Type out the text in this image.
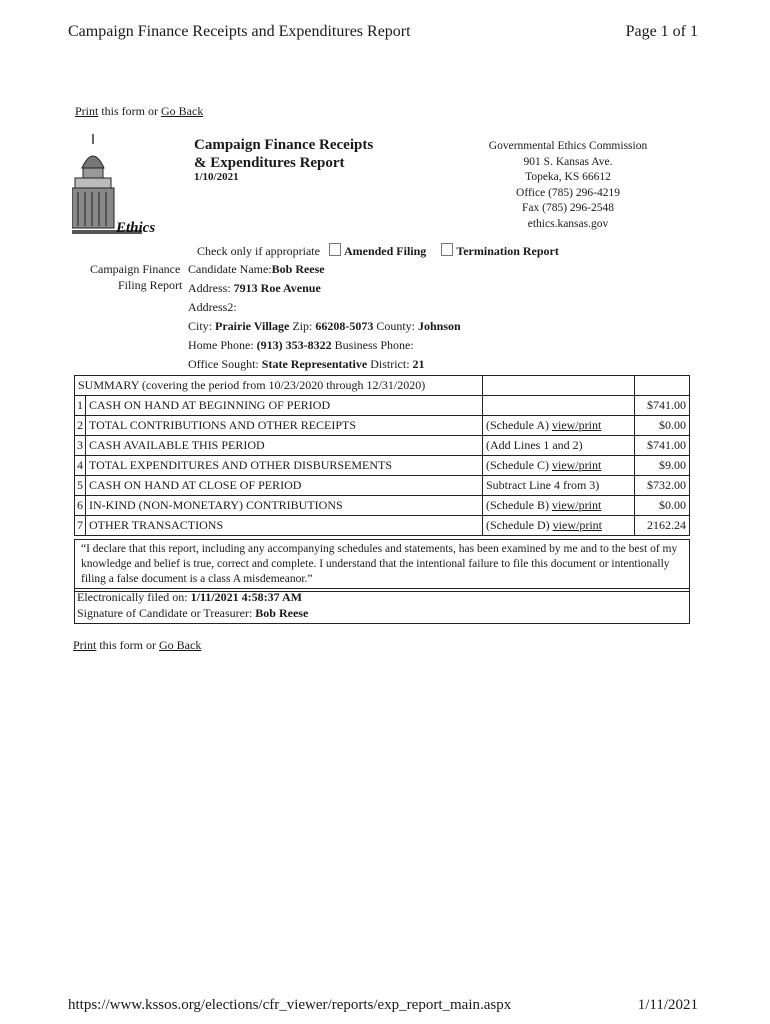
Campaign Finance Receipts and Expenditures Report	Page 1 of 1
Print this form or Go Back
Ethics
Campaign Finance Receipts
& Expenditures Report
1/10/2021
Governmental Ethics Commission
901 S. Kansas Ave.
Topeka, KS 66612
Office (785) 296-4219
Fax (785) 296-2548
ethics.kansas.gov
Check only if appropriate Amended Filing	Termination Report
Campaign Finance
Filing Report
Candidate Name:Bob Reese
Address: 7913 Roe Avenue
Address2:
City: Prairie Village Zip: 66208-5073 County: Johnson
Home Phone: (913) 353-8322 Business Phone:
Office Sought: State Representative District: 21
SUMMARY (covering the period from 10/23/2020 through 12/31/2020)			
1	CASH ON HAND AT BEGINNING OF PERIOD		$741.00
2	TOTAL CONTRIBUTIONS AND OTHER RECEIPTS	(Schedule A) view/print	$0.00
3	CASH AVAILABLE THIS PERIOD	(Add Lines 1 and 2)	$741.00
4	TOTAL EXPENDITURES AND OTHER DISBURSEMENTS	(Schedule C) view/print	$9.00
5	CASH ON HAND AT CLOSE OF PERIOD	Subtract Line 4 from 3)	$732.00
6	IN-KIND (NON-MONETARY) CONTRIBUTIONS	(Schedule B) view/print	$0.00
7	OTHER TRANSACTIONS	(Schedule D) view/print	2162.24
“I declare that this report, including any accompanying schedules and statements, has been examined by me and to the best of my knowledge and belief is true, correct and complete. I understand that the intentional failure to file this document or intentionally filing a false document is a class A misdemeanor.”
Electronically filed on: 1/11/2021 4:58:37 AM
Signature of Candidate or Treasurer: Bob Reese
Print this form or Go Back
https://www.kssos.org/elections/cfr_viewer/reports/exp_report_main.aspx	1/11/2021
